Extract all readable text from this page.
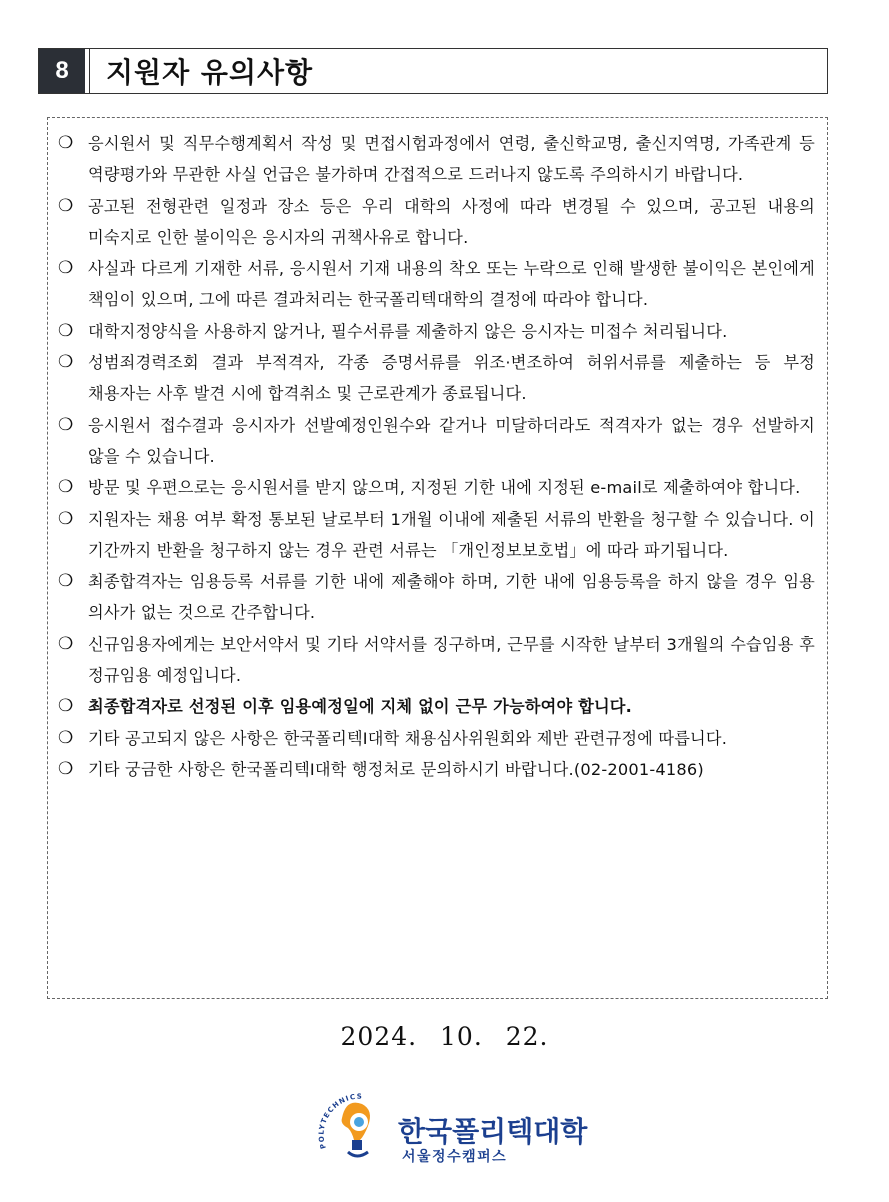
8	지원자 유의사항
❍ 응시원서 및 직무수행계획서 작성 및 면접시험과정에서 연령, 출신학교명, 출신지역명, 가족관계 등 역량평가와 무관한 사실 언급은 불가하며 간접적으로 드러나지 않도록 주의하시기 바랍니다.
❍ 공고된 전형관련 일정과 장소 등은 우리 대학의 사정에 따라 변경될 수 있으며, 공고된 내용의 미숙지로 인한 불이익은 응시자의 귀책사유로 합니다.
❍ 사실과 다르게 기재한 서류, 응시원서 기재 내용의 착오 또는 누락으로 인해 발생한 불이익은 본인에게 책임이 있으며, 그에 따른 결과처리는 한국폴리텍대학의 결정에 따라야 합니다.
❍ 대학지정양식을 사용하지 않거나, 필수서류를 제출하지 않은 응시자는 미접수 처리됩니다.
❍ 성범죄경력조회 결과 부적격자, 각종 증명서류를 위조·변조하여 허위서류를 제출하는 등 부정 채용자는 사후 발견 시에 합격취소 및 근로관계가 종료됩니다.
❍ 응시원서 접수결과 응시자가 선발예정인원수와 같거나 미달하더라도 적격자가 없는 경우 선발하지 않을 수 있습니다.
❍ 방문 및 우편으로는 응시원서를 받지 않으며, 지정된 기한 내에 지정된 e-mail로 제출하여야 합니다.
❍ 지원자는 채용 여부 확정 통보된 날로부터 1개월 이내에 제출된 서류의 반환을 청구할 수 있습니다. 이 기간까지 반환을 청구하지 않는 경우 관련 서류는 「개인정보보호법」에 따라 파기됩니다.
❍ 최종합격자는 임용등록 서류를 기한 내에 제출해야 하며, 기한 내에 임용등록을 하지 않을 경우 임용 의사가 없는 것으로 간주합니다.
❍ 신규임용자에게는 보안서약서 및 기타 서약서를 징구하며, 근무를 시작한 날부터 3개월의 수습임용 후 정규임용 예정입니다.
❍ 최종합격자로 선정된 이후 임용예정일에 지체 없이 근무 가능하여야 합니다.
❍ 기타 공고되지 않은 사항은 한국폴리텍Ⅰ대학 채용심사위원회와 제반 관련규정에 따릅니다.
❍ 기타 궁금한 사항은 한국폴리텍Ⅰ대학 행정처로 문의하시기 바랍니다.(02-2001-4186)
2024. 10. 22.
POLYTECHNICS
한국폴리텍대학
서울정수캠퍼스
